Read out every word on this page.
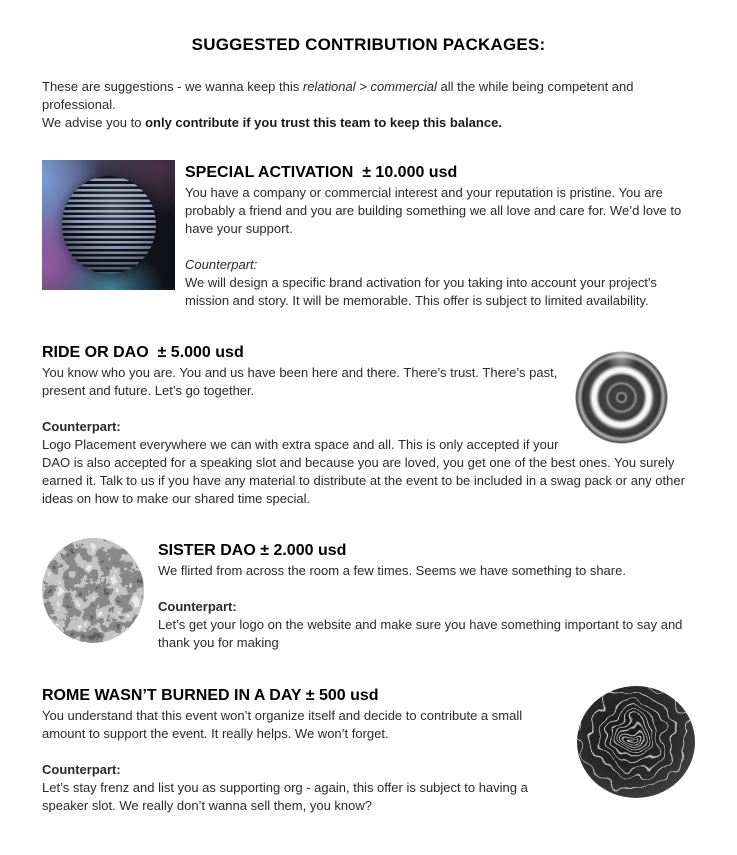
SUGGESTED CONTRIBUTION PACKAGES:

These are suggestions - we wanna keep this relational > commercial all the while being competent and professional.
We advise you to only contribute if you trust this team to keep this balance.

SPECIAL ACTIVATION  ± 10.000 usd

You have a company or commercial interest and your reputation is pristine. You are probably a friend and you are building something we all love and care for. We’d love to have your support.

Counterpart:

We will design a specific brand activation for you taking into account your project's mission and story. It will be memorable. This offer is subject to limited availability.

RIDE OR DAO  ± 5.000 usd

You know who you are. You and us have been here and there. There’s trust. There’s past, present and future. Let’s go together.

Counterpart:

Logo Placement everywhere we can with extra space and all. This is only accepted if your DAO is also accepted for a speaking slot and because you are loved, you get one of the best ones. You surely earned it. Talk to us if you have any material to distribute at the event to be included in a swag pack or any other ideas on how to make our shared time special.

SISTER DAO ± 2.000 usd

We flirted from across the room a few times. Seems we have something to share.

Counterpart:

Let’s get your logo on the website and make sure you have something important to say and thank you for making

ROME WASN’T BURNED IN A DAY ± 500 usd

You understand that this event won’t organize itself and decide to contribute a small amount to support the event. It really helps. We won’t forget.

Counterpart:

Let’s stay frenz and list you as supporting org - again, this offer is subject to having a speaker slot. We really don’t wanna sell them, you know?
